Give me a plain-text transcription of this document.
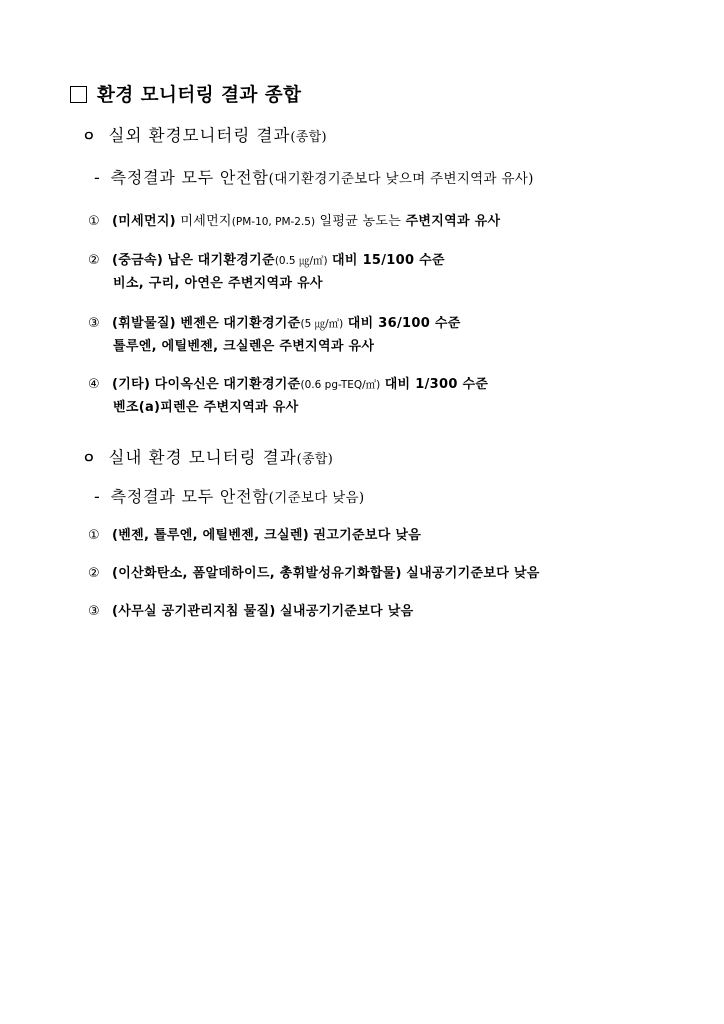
환경 모니터링 결과 종합
ㅇ 실외 환경모니터링 결과(종합)
- 측정결과 모두 안전함(대기환경기준보다 낮으며 주변지역과 유사)
① (미세먼지) 미세먼지(PM-10, PM-2.5) 일평균 농도는 주변지역과 유사
② (중금속) 납은 대기환경기준(0.5 ㎍/㎥) 대비 15/100 수준
비소, 구리, 아연은 주변지역과 유사
③ (휘발물질) 벤젠은 대기환경기준(5 ㎍/㎥) 대비 36/100 수준
톨루엔, 에틸벤젠, 크실렌은 주변지역과 유사
④ (기타) 다이옥신은 대기환경기준(0.6 pg-TEQ/㎥) 대비 1/300 수준
벤조(a)피렌은 주변지역과 유사
ㅇ 실내 환경 모니터링 결과(종합)
- 측정결과 모두 안전함(기준보다 낮음)
① (벤젠, 톨루엔, 에틸벤젠, 크실렌) 권고기준보다 낮음
② (이산화탄소, 폼알데하이드, 총휘발성유기화합물) 실내공기기준보다 낮음
③ (사무실 공기관리지침 물질) 실내공기기준보다 낮음
